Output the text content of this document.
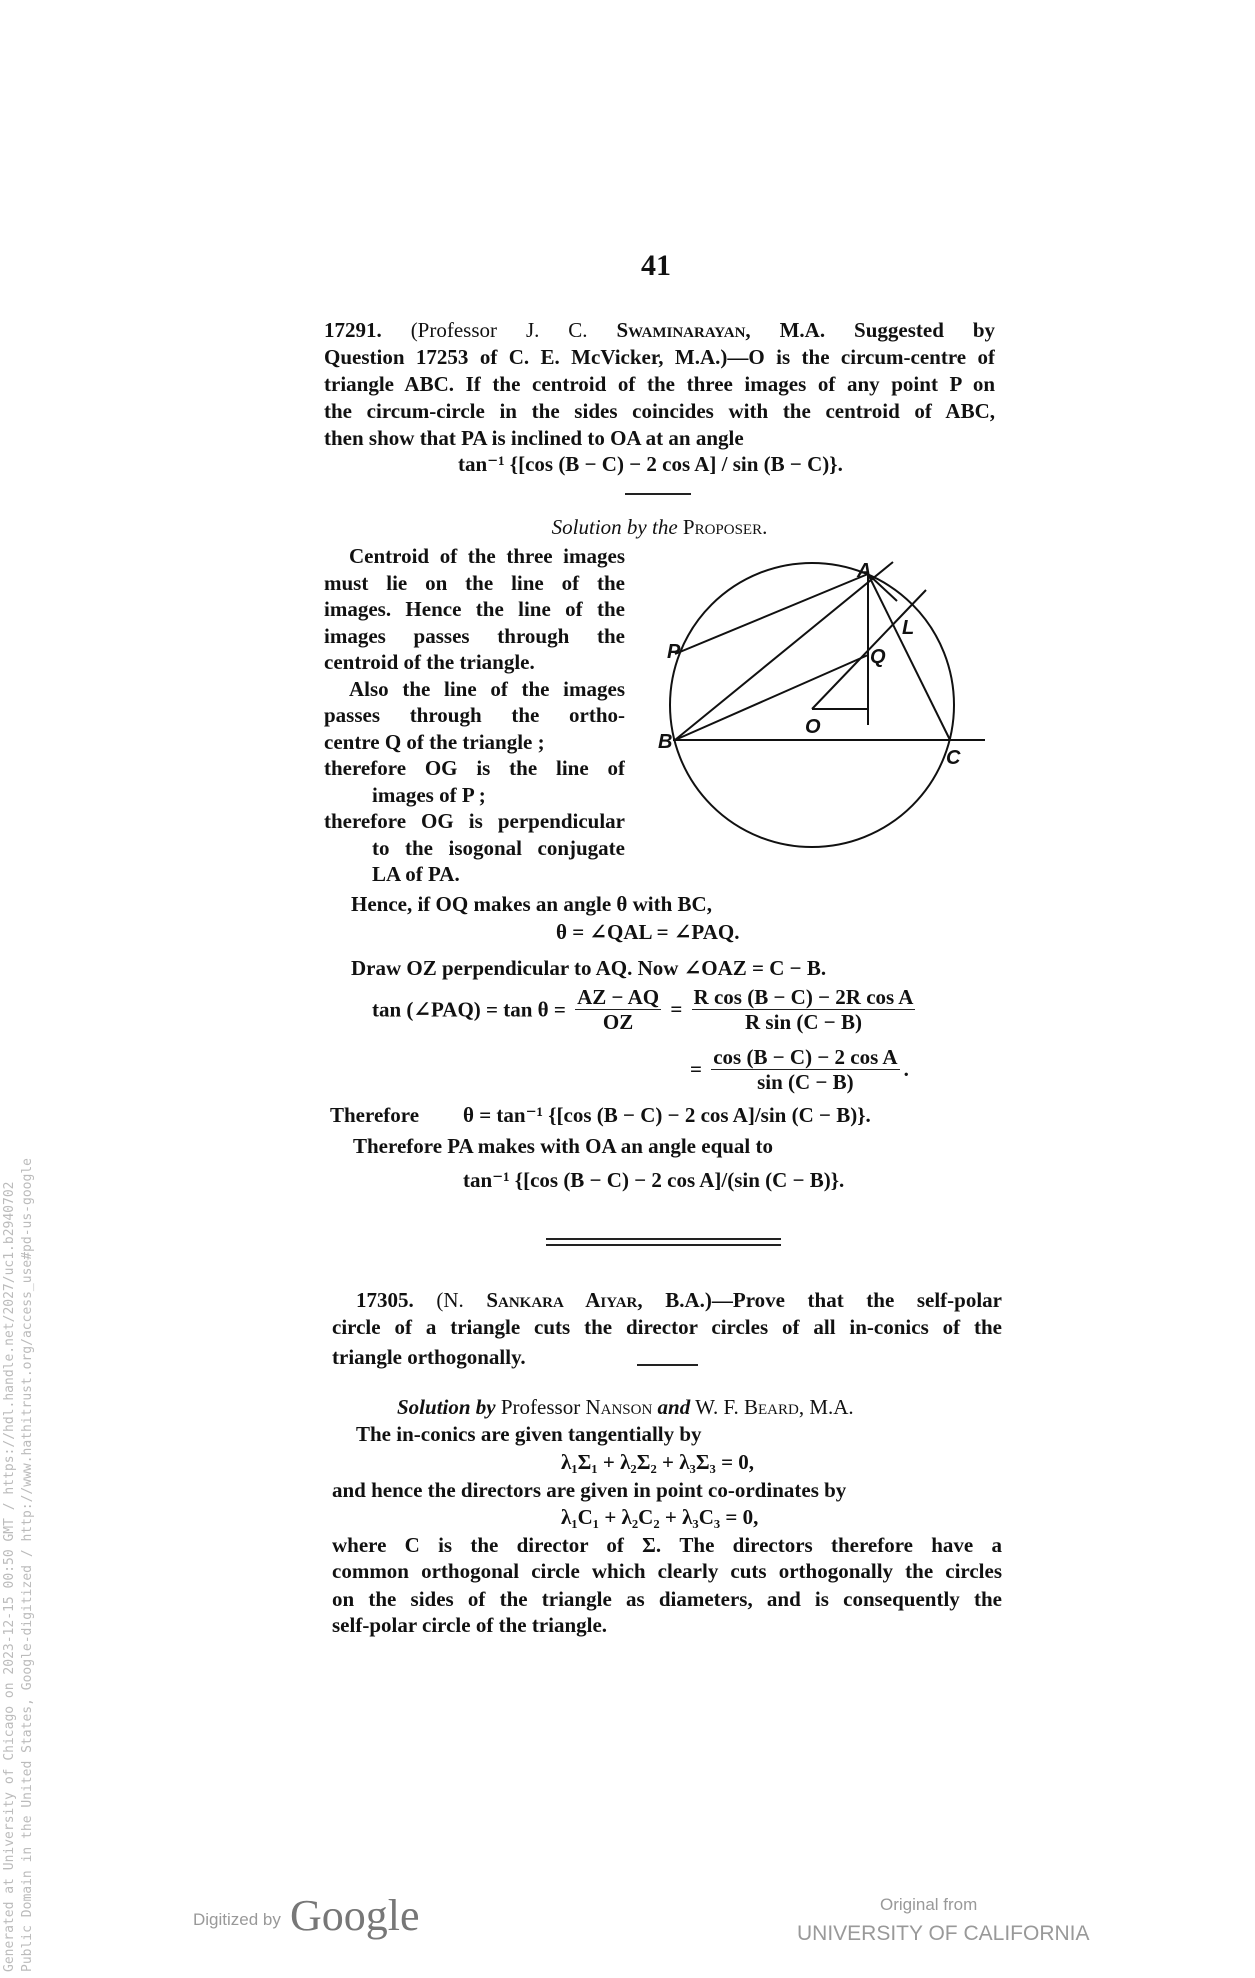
41
17291. (Professor J. C. Swaminarayan, M.A. Suggested by
Question 17253 of C. E. McVicker, M.A.)—O is the circum-centre of
triangle ABC. If the centroid of the three images of any point P on
the circum-circle in the sides coincides with the centroid of ABC,
then show that PA is inclined to OA at an angle
tan⁻¹ {[cos (B − C) − 2 cos A] / sin (B − C)}.
Solution by the Proposer.
Centroid of the three images
must lie on the line of the
images. Hence the line of the
images passes through the
centroid of the triangle.
Also the line of the images
passes through the ortho-
centre Q of the triangle ;
therefore OG is the line of
images of P ;
therefore OG is perpendicular
to the isogonal conjugate
LA of PA.
A
P	Q
L
O
B
C
Hence, if OQ makes an angle θ with BC,
θ = ∠QAL = ∠PAQ.
Draw OZ perpendicular to AQ. Now ∠OAZ = C − B.
tan (∠PAQ) = $\tan \theta = \frac{AZ - AQ}{OZ} = \frac{\text{R cos (B − C) − 2R cos A}}{\text{R sin (C − B)}}$
= $\frac{\text{cos (B − C) − 2 cos A}}{\sin (C - B)}$ .
Therefore θ = tan⁻¹ {[cos (B − C) − 2 cos A]/sin (C − B)}.
Therefore PA makes with OA an angle equal to
tan⁻¹ {[cos (B − C) − 2 cos A]/(sin (C − B)}.
17305. (N. Sankara Aiyar, B.A.)—Prove that the self-polar
circle of a triangle cuts the director circles of all in-conics of the
triangle orthogonally.
Solution by Professor Nanson and W. F. Beard, M.A.
The in-conics are given tangentially by
λ₁Σ₁ + λ₂Σ₂ + λ₃Σ₃ = 0,
and hence the directors are given in point co-ordinates by
λ₁C₁ + λ₂C₂ + λ₃C₃ = 0,
where C is the director of Σ. The directors therefore have a
common orthogonal circle which clearly cuts orthogonally the circles
on the sides of the triangle as diameters, and is consequently the
self-polar circle of the triangle.
Generated at University of Chicago on 2023-12-15 00:50 GMT / https://hdl.handle.net/2027/uc1.b2940702 Public Domain in the United States, Google-digitized / http://www.hathitrust.org/access_use#pd-us-google	Digitized by Google	Original from
UNIVERSITY OF CALIFORNIA
